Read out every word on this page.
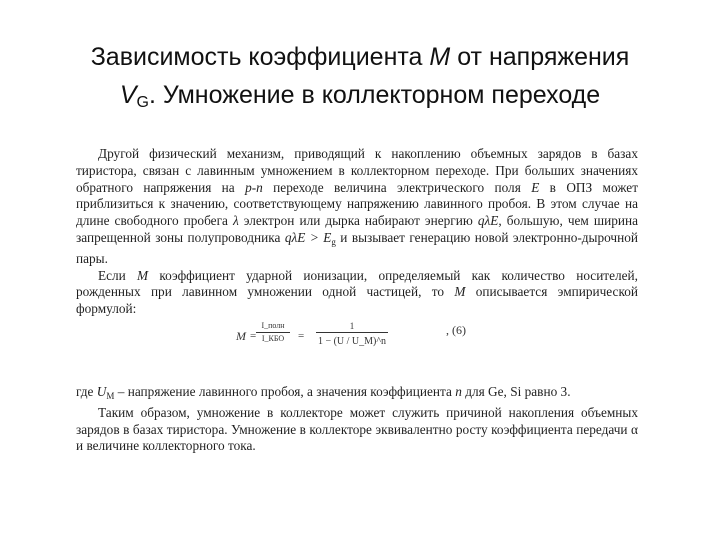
Зависимость коэффициента M от напряжения
$V_G$. Умножение в коллекторном переходе

Другой физический механизм, приводящий к накоплению объемных зарядов в базах тиристора, связан с лавинным умножением в коллекторном переходе. При больших значениях обратного напряжения на p-n переходе величина электрического поля E в ОПЗ может приблизиться к значению, соответствующему напряжению лавинного пробоя. В этом случае на длине свободного пробега λ электрон или дырка набирают энергию qλE, большую, чем ширина запрещенной зоны полупроводника $q\lambda E > E_g$ и вызывает генерацию новой электронно-дырочной пары.

Если M коэффициент ударной ионизации, определяемый как количество носителей, рожденных при лавинном умножении одной частицей, то M описывается эмпирической формулой:

M
I_полн
I_КБО
=	= $\frac{1}{1 - (U / U\_M)\^{}n}$	, (6)

где $U_M$ – напряжение лавинного пробоя, а значения коэффициента n для Ge, Si равно 3.

Таким образом, умножение в коллекторе может служить причиной накопления объемных зарядов в базах тиристора. Умножение в коллекторе эквивалентно росту коэффициента передачи α и величине коллекторного тока.
